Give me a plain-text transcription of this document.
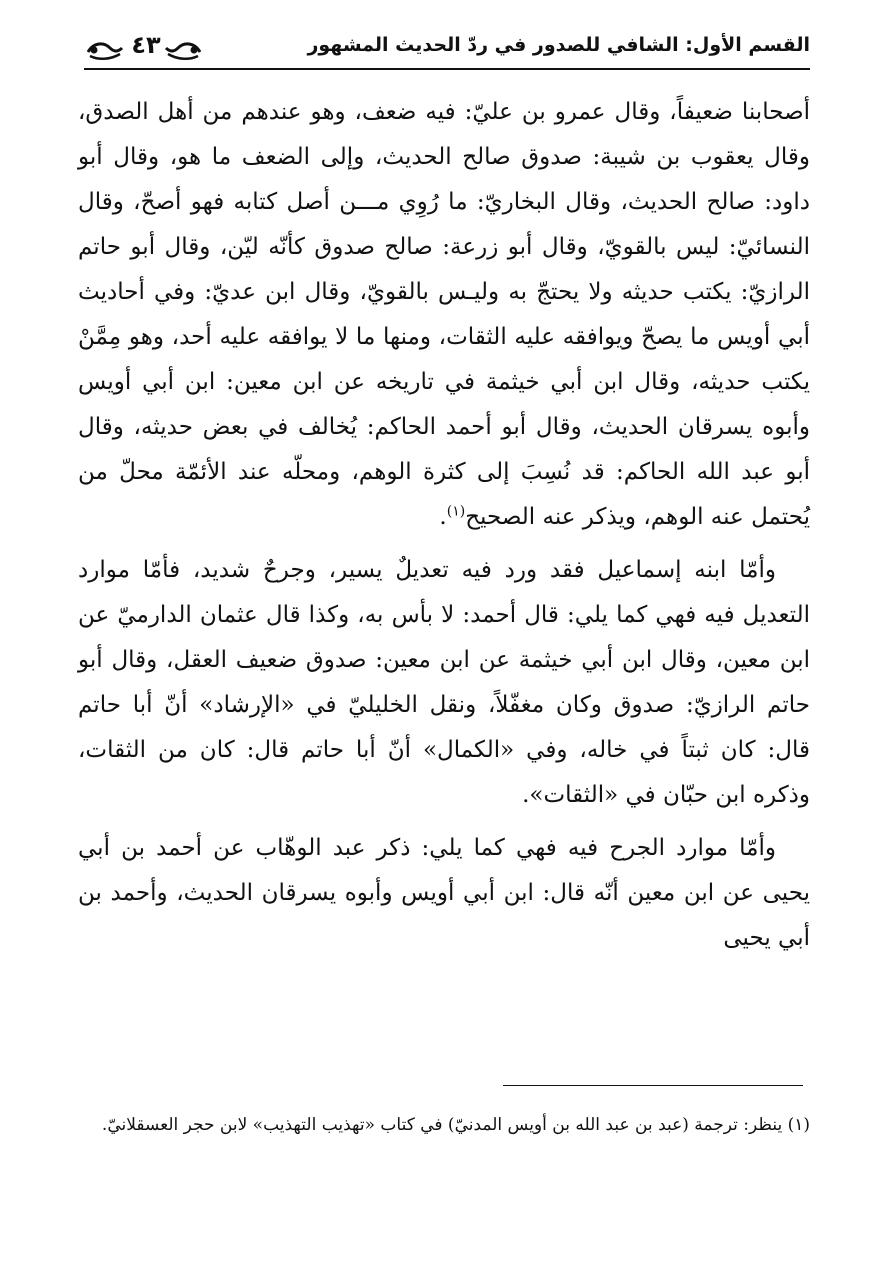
٤٣	القسم الأول: الشافي للصدور في ردّ الحديث المشهور

أصحابنا ضعيفاً، وقال عمرو بن عليّ: فيه ضعف، وهو عندهم من أهل الصدق، وقال يعقوب بن شيبة: صدوق صالح الحديث، وإلى الضعف ما هو، وقال أبو داود: صالح الحديث، وقال البخاريّ: ما رُوِي مـــن أصل كتابه فهو أصحّ، وقال النسائيّ: ليس بالقويّ، وقال أبو زرعة: صالح صدوق كأنّه ليّن، وقال أبو حاتم الرازيّ: يكتب حديثه ولا يحتجّ به وليـس بالقويّ، وقال ابن عديّ: وفي أحاديث أبي أويس ما يصحّ ويوافقه عليه الثقات، ومنها ما لا يوافقه عليه أحد، وهو مِمَّنْ يكتب حديثه، وقال ابن أبي خيثمة في تاريخه عن ابن معين: ابن أبي أويس وأبوه يسرقان الحديث، وقال أبو أحمد الحاكم: يُخالف في بعض حديثه، وقال أبو عبد الله الحاكم: قد نُسِبَ إلى كثرة الوهم، ومحلّه عند الأئمّة محلّ من يُحتمل عنه الوهم، ويذكر عنه الصحيح$^{(١)}$.

وأمّا ابنه إسماعيل فقد ورد فيه تعديلٌ يسير، وجرحٌ شديد، فأمّا موارد التعديل فيه فهي كما يلي: قال أحمد: لا بأس به، وكذا قال عثمان الدارميّ عن ابن معين، وقال ابن أبي خيثمة عن ابن معين: صدوق ضعيف العقل، وقال أبو حاتم الرازيّ: صدوق وكان مغفّلاً، ونقل الخليليّ في «الإرشاد» أنّ أبا حاتم قال: كان ثبتاً في خاله، وفي «الكمال» أنّ أبا حاتم قال: كان من الثقات، وذكره ابن حبّان في «الثقات».

وأمّا موارد الجرح فيه فهي كما يلي: ذكر عبد الوهّاب عن أحمد بن أبي يحيى عن ابن معين أنّه قال: ابن أبي أويس وأبوه يسرقان الحديث، وأحمد بن أبي يحيى

(١) ينظر: ترجمة (عبد بن عبد الله بن أويس المدنيّ) في كتاب «تهذيب التهذيب» لابن حجر العسقلانيّ.
